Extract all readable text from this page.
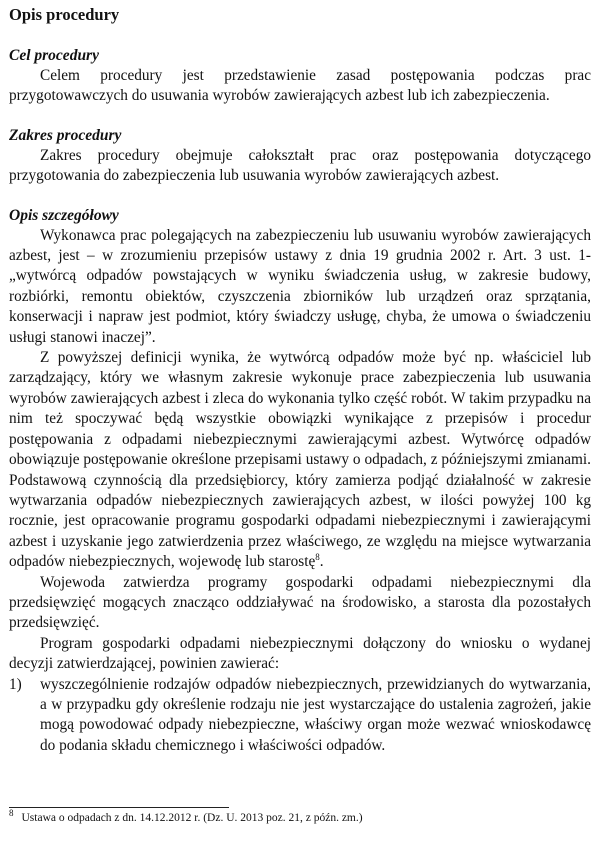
Opis procedury
Cel procedury

Celem procedury jest przedstawienie zasad postępowania podczas prac przygotowawczych do usuwania wyrobów zawierających azbest lub ich zabezpieczenia.

Zakres procedury

Zakres procedury obejmuje całokształt prac oraz postępowania dotyczącego przygotowania do zabezpieczenia lub usuwania wyrobów zawierających azbest.

Opis szczegółowy

Wykonawca prac polegających na zabezpieczeniu lub usuwaniu wyrobów zawierających azbest, jest – w zrozumieniu przepisów ustawy z dnia 19 grudnia 2002 r. Art. 3 ust. 1- „wytwórcą odpadów powstających w wyniku świadczenia usług, w zakresie budowy, rozbiórki, remontu obiektów, czyszczenia zbiorników lub urządzeń oraz sprzątania, konserwacji i napraw jest podmiot, który świadczy usługę, chyba, że umowa o świadczeniu usługi stanowi inaczej”.

Z powyższej definicji wynika, że wytwórcą odpadów może być np. właściciel lub zarządzający, który we własnym zakresie wykonuje prace zabezpieczenia lub usuwania wyrobów zawierających azbest i zleca do wykonania tylko część robót. W takim przypadku na nim też spoczywać będą wszystkie obowiązki wynikające z przepisów i procedur postępowania z odpadami niebezpiecznymi zawierającymi azbest. Wytwórcę odpadów obowiązuje postępowanie określone przepisami ustawy o odpadach, z późniejszymi zmianami. Podstawową czynnością dla przedsiębiorcy, który zamierza podjąć działalność w zakresie wytwarzania odpadów niebezpiecznych zawierających azbest, w ilości powyżej 100 kg rocznie, jest opracowanie programu gospodarki odpadami niebezpiecznymi i zawierającymi azbest i uzyskanie jego zatwierdzenia przez właściwego, ze względu na miejsce wytwarzania odpadów niebezpiecznych, wojewodę lub starostę$^8$.

Wojewoda zatwierdza programy gospodarki odpadami niebezpiecznymi dla przedsięwzięć mogących znacząco oddziaływać na środowisko, a starosta dla pozostałych przedsięwzięć.

Program gospodarki odpadami niebezpiecznymi dołączony do wniosku o wydanej decyzji zatwierdzającej, powinien zawierać:

1)	wyszczególnienie rodzajów odpadów niebezpiecznych, przewidzianych do wytwarzania, a w przypadku gdy określenie rodzaju nie jest wystarczające do ustalenia zagrożeń, jakie mogą powodować odpady niebezpieczne, właściwy organ może wezwać wnioskodawcę do podania składu chemicznego i właściwości odpadów.
$^8$ Ustawa o odpadach z dn. 14.12.2012 r. (Dz. U. 2013 poz. 21, z późn. zm.)
